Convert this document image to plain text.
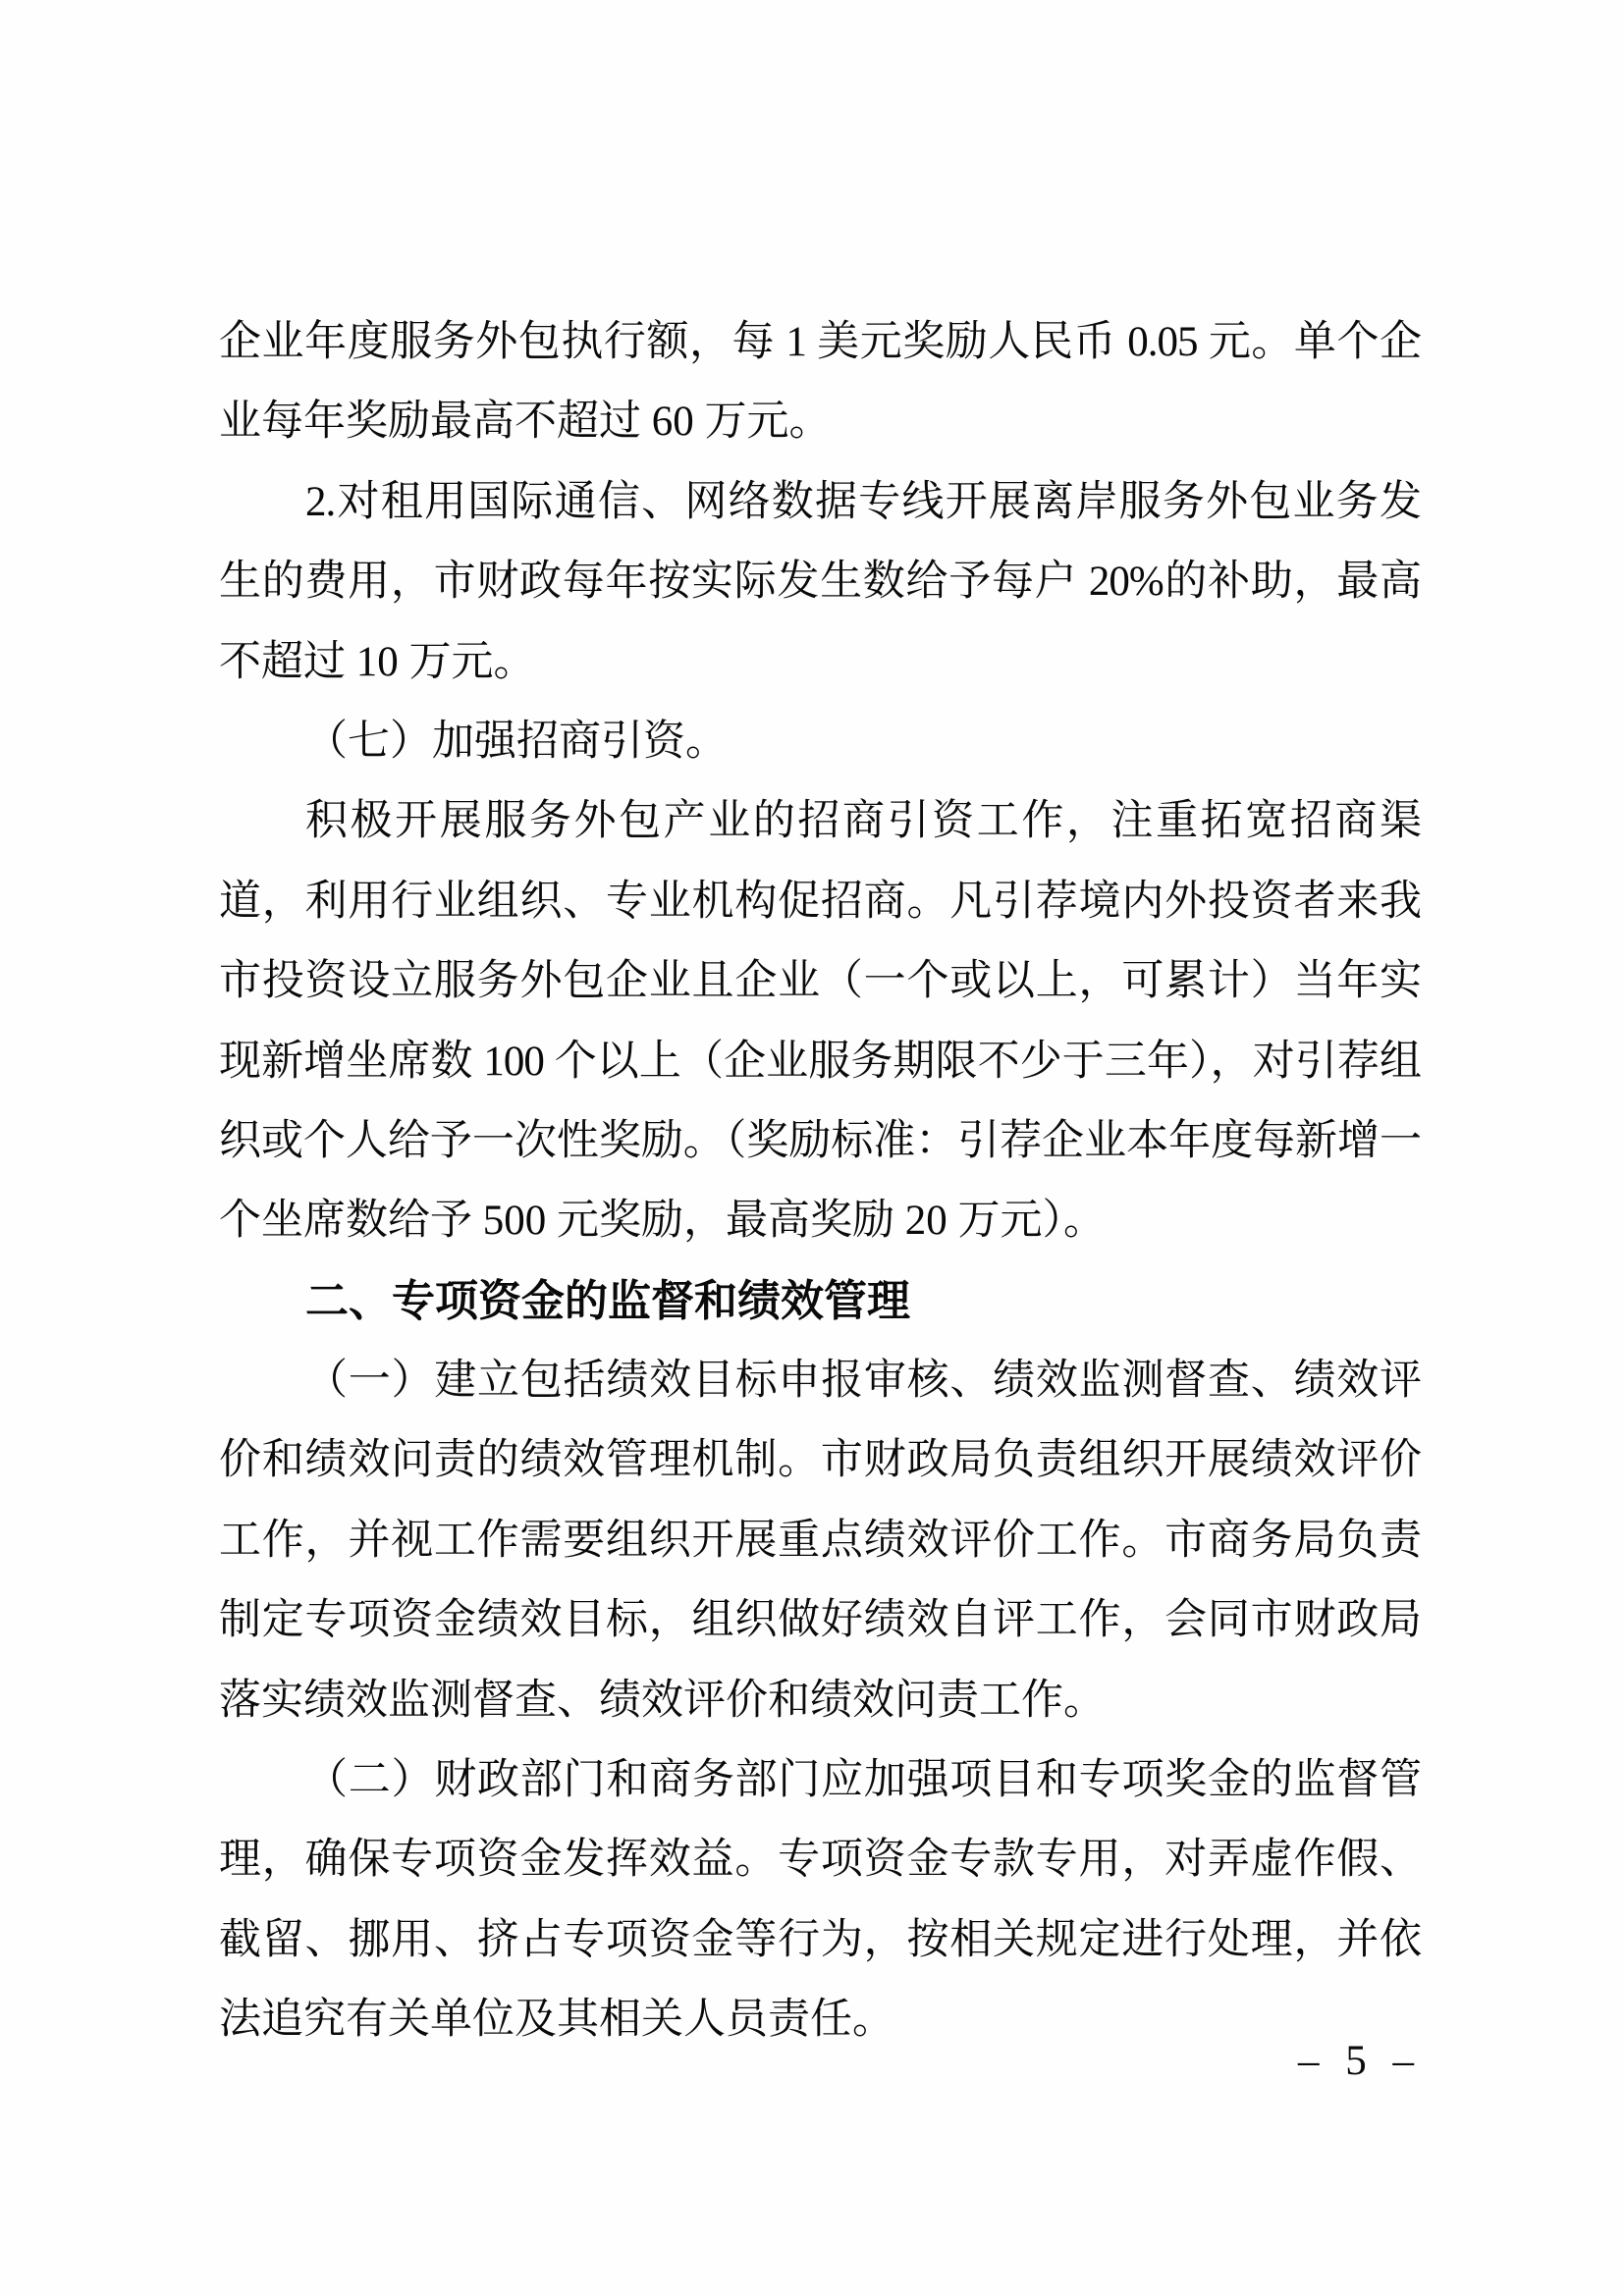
企业年度服务外包执行额，每 1 美元奖励人民币 0.05 元。单个企
业每年奖励最高不超过 60 万元。
2.对租用国际通信、网络数据专线开展离岸服务外包业务发
生的费用，市财政每年按实际发生数给予每户 20%的补助，最高
不超过 10 万元。
（七）加强招商引资。
积极开展服务外包产业的招商引资工作，注重拓宽招商渠
道，利用行业组织、专业机构促招商。凡引荐境内外投资者来我
市投资设立服务外包企业且企业（一个或以上，可累计）当年实
现新增坐席数 100 个以上（企业服务期限不少于三年），对引荐组
织或个人给予一次性奖励。（奖励标准：引荐企业本年度每新增一
个坐席数给予 500 元奖励，最高奖励 20 万元）。
二、专项资金的监督和绩效管理
（一）建立包括绩效目标申报审核、绩效监测督查、绩效评
价和绩效问责的绩效管理机制。市财政局负责组织开展绩效评价
工作，并视工作需要组织开展重点绩效评价工作。市商务局负责
制定专项资金绩效目标，组织做好绩效自评工作，会同市财政局
落实绩效监测督查、绩效评价和绩效问责工作。
（二）财政部门和商务部门应加强项目和专项奖金的监督管
理，确保专项资金发挥效益。专项资金专款专用，对弄虚作假、
截留、挪用、挤占专项资金等行为，按相关规定进行处理，并依
法追究有关单位及其相关人员责任。
– 5 –
